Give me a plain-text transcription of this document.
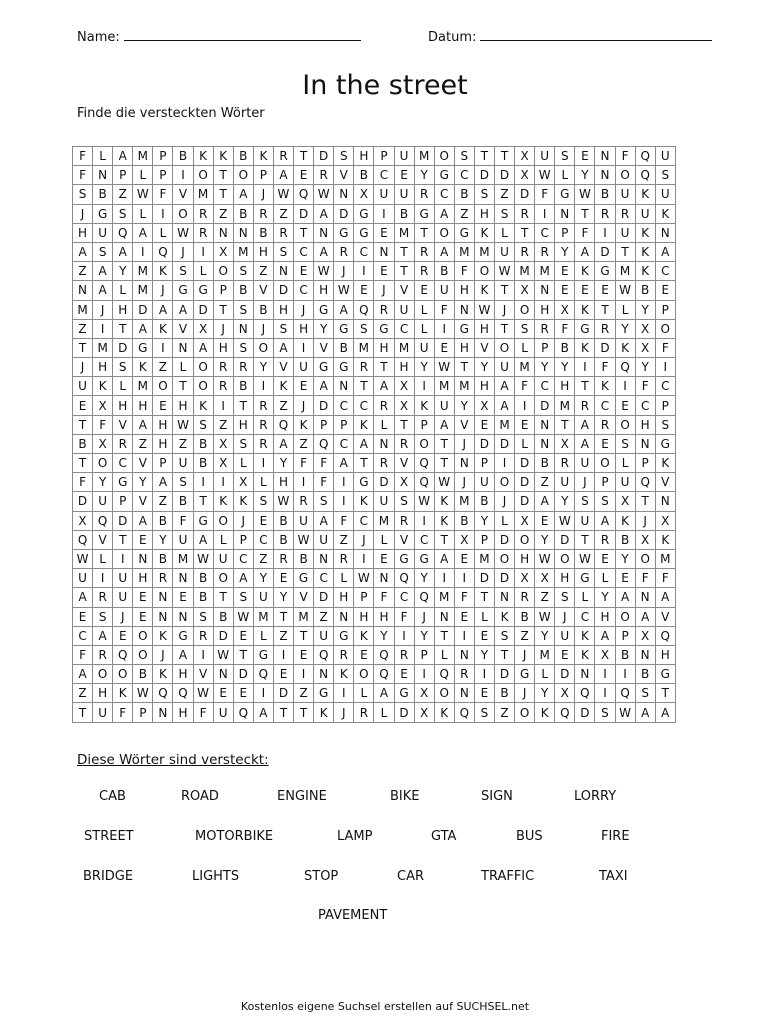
Name:	Datum:
In the street
Finde die versteckten Wörter
F	L	A	M	P	B	K	K	B	K	R	T	D	S	H	P	U	M	O	S	T	T	X	U	S	E	N	F	Q	U
F	N	P	L	P	I	O	T	O	P	A	E	R	V	B	C	E	Y	G	C	D	D	X	W	L	Y	N	O	Q	S
S	B	Z	W	F	V	M	T	A	J	W	Q	W	N	X	U	U	R	C	B	S	Z	D	F	G	W	B	U	K	U
J	G	S	L	I	O	R	Z	B	R	Z	D	A	D	G	I	B	G	A	Z	H	S	R	I	N	T	R	R	U	K
H	U	Q	A	L	W	R	N	N	B	R	T	N	G	G	E	M	T	O	G	K	L	T	C	P	F	I	U	K	N
A	S	A	I	Q	J	I	X	M	H	S	C	A	R	C	N	T	R	A	M	M	U	R	R	Y	A	D	T	K	A
Z	A	Y	M	K	S	L	O	S	Z	N	E	W	J	I	E	T	R	B	F	O	W	M	M	E	K	G	M	K	C
N	A	L	M	J	G	G	P	B	V	D	C	H	W	E	J	V	E	U	H	K	T	X	N	E	E	E	W	B	E
M	J	H	D	A	A	D	T	S	B	H	J	G	A	Q	R	U	L	F	N	W	J	O	H	X	K	T	L	Y	P
Z	I	T	A	K	V	X	J	N	J	S	H	Y	G	S	G	C	L	I	G	H	T	S	R	F	G	R	Y	X	O
T	M	D	G	I	N	A	H	S	O	A	I	V	B	M	H	M	U	E	H	V	O	L	P	B	K	D	K	X	F
J	H	S	K	Z	L	O	R	R	Y	V	U	G	G	R	T	H	Y	W	T	Y	U	M	Y	Y	I	F	Q	Y	I
U	K	L	M	O	T	O	R	B	I	K	E	A	N	T	A	X	I	M	M	H	A	F	C	H	T	K	I	F	C
E	X	H	H	E	H	K	I	T	R	Z	J	D	C	C	R	X	K	U	Y	X	A	I	D	M	R	C	E	C	P
T	F	V	A	H	W	S	Z	H	R	Q	K	P	P	K	L	T	P	A	V	E	M	E	N	T	A	R	O	H	S
B	X	R	Z	H	Z	B	X	S	R	A	Z	Q	C	A	N	R	O	T	J	D	D	L	N	X	A	E	S	N	G
T	O	C	V	P	U	B	X	L	I	Y	F	F	A	T	R	V	Q	T	N	P	I	D	B	R	U	O	L	P	K
F	Y	G	Y	A	S	I	I	X	L	H	I	F	I	G	D	X	Q	W	J	U	O	D	Z	U	J	P	U	Q	V
D	U	P	V	Z	B	T	K	K	S	W	R	S	I	K	U	S	W	K	M	B	J	D	A	Y	S	S	X	T	N
X	Q	D	A	B	F	G	O	J	E	B	U	A	F	C	M	R	I	K	B	Y	L	X	E	W	U	A	K	J	X
Q	V	T	E	Y	U	A	L	P	C	B	W	U	Z	J	L	V	C	T	X	P	D	O	Y	D	T	R	B	X	K
W	L	I	N	B	M	W	U	C	Z	R	B	N	R	I	E	G	G	A	E	M	O	H	W	O	W	E	Y	O	M
U	I	U	H	R	N	B	O	A	Y	E	G	C	L	W	N	Q	Y	I	I	D	D	X	X	H	G	L	E	F	F
A	R	U	E	N	E	B	T	S	U	Y	V	D	H	P	F	C	Q	M	F	T	N	R	Z	S	L	Y	A	N	A
E	S	J	E	N	N	S	B	W	M	T	M	Z	N	H	H	F	J	N	E	L	K	B	W	J	C	H	O	A	V
C	A	E	O	K	G	R	D	E	L	Z	T	U	G	K	Y	I	Y	T	I	E	S	Z	Y	U	K	A	P	X	Q
F	R	Q	O	J	A	I	W	T	G	I	E	Q	R	E	Q	R	P	L	N	Y	T	J	M	E	K	X	B	N	H
A	O	O	B	K	H	V	N	D	Q	E	I	N	K	O	Q	E	I	Q	R	I	D	G	L	D	N	I	I	B	G
Z	H	K	W	Q	Q	W	E	E	I	D	Z	G	I	L	A	G	X	O	N	E	B	J	Y	X	Q	I	Q	S	T
T	U	F	P	N	H	F	U	Q	A	T	T	K	J	R	L	D	X	K	Q	S	Z	O	K	Q	D	S	W	A	A
Diese Wörter sind versteckt:
CAB	ROAD	ENGINE	BIKE	SIGN	LORRY
STREET	MOTORBIKE	LAMP	GTA	BUS	FIRE
BRIDGE	LIGHTS	STOP	CAR	TRAFFIC	TAXI
PAVEMENT
Kostenlos eigene Suchsel erstellen auf SUCHSEL.net
